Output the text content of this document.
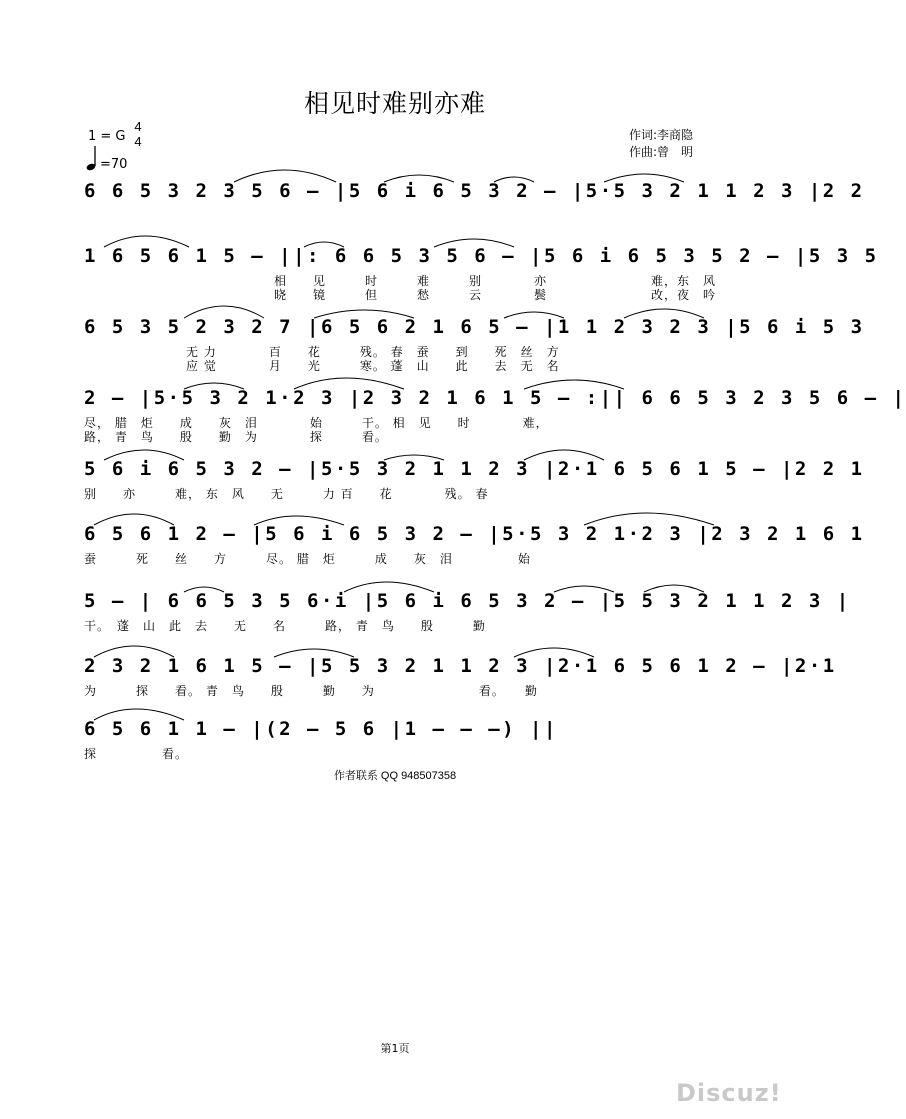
相见时难别亦难
1 = G
4
4
=70
作词:李商隐
作曲:曾　明
6 6 5 3 2 3 5 6 – |5 6 i 6 5 3 2 – |5·5 3 2 1 1 2 3 |2 2
1 6 5 6 1 5 – ||: 6 6 5 3 5 6 – |5 6 i 6 5 3 5 2 – |5 3 5
相　　见　　　时　　　难　　　别　　　　亦　　　　　　　　难，东　风
晓　　镜　　　但　　　愁　　　云　　　　鬓　　　　　　　　改，夜　吟
6 5 3 5 2 3 2 7 |6 5 6 2 1 6 5 – |1 1 2 3 2 3 |5 6 i 5 3
　　　　无 力　　　　百　　花　　　残。 春　蚕　　到　　死　丝　方
　　　　应 觉　　　　月　　光　　　寒。 蓬　山　　此　　去　无　名
2 – |5·5 3 2 1·2 3 |2 3 2 1 6 1 5 – :|| 6 6 5 3 2 3 5 6 – |
尽， 腊　炬　　成　　灰　泪　　　　始　　　干。 相　见　　时　　　　难，
路， 青　鸟　　殷　　勤　为　　　　探　　　看。
5 6 i 6 5 3 2 – |5·5 3 2 1 1 2 3 |2·1 6 5 6 1 5 – |2 2 1
别　　亦　　　难， 东　风　　无　　　力 百　　花　　　　残。 春
6 5 6 1 2 – |5 6 i 6 5 3 2 – |5·5 3 2 1·2 3 |2 3 2 1 6 1
蚕　　　死　　丝　　方　　　尽。 腊　炬　　　成　　灰　泪　　　　　始
5 – | 6 6 5 3 5 6·i |5 6 i 6 5 3 2 – |5 5 3 2 1 1 2 3 |
干。　蓬　山　此　去　　无　　名　　　路， 青　鸟　　殷　　　勤
2 3 2 1 6 1 5 – |5 5 3 2 1 1 2 3 |2·1 6 5 6 1 2 – |2·1
为　　　探　　看。 青　鸟　　殷　　　勤　　为　　　　　　　　看。　　勤
6 5 6 1 1 – |(2 – 5 6 |1 – – –) ||
探　　　　　看。
作者联系 QQ 948507358
第1页
Discuz!
